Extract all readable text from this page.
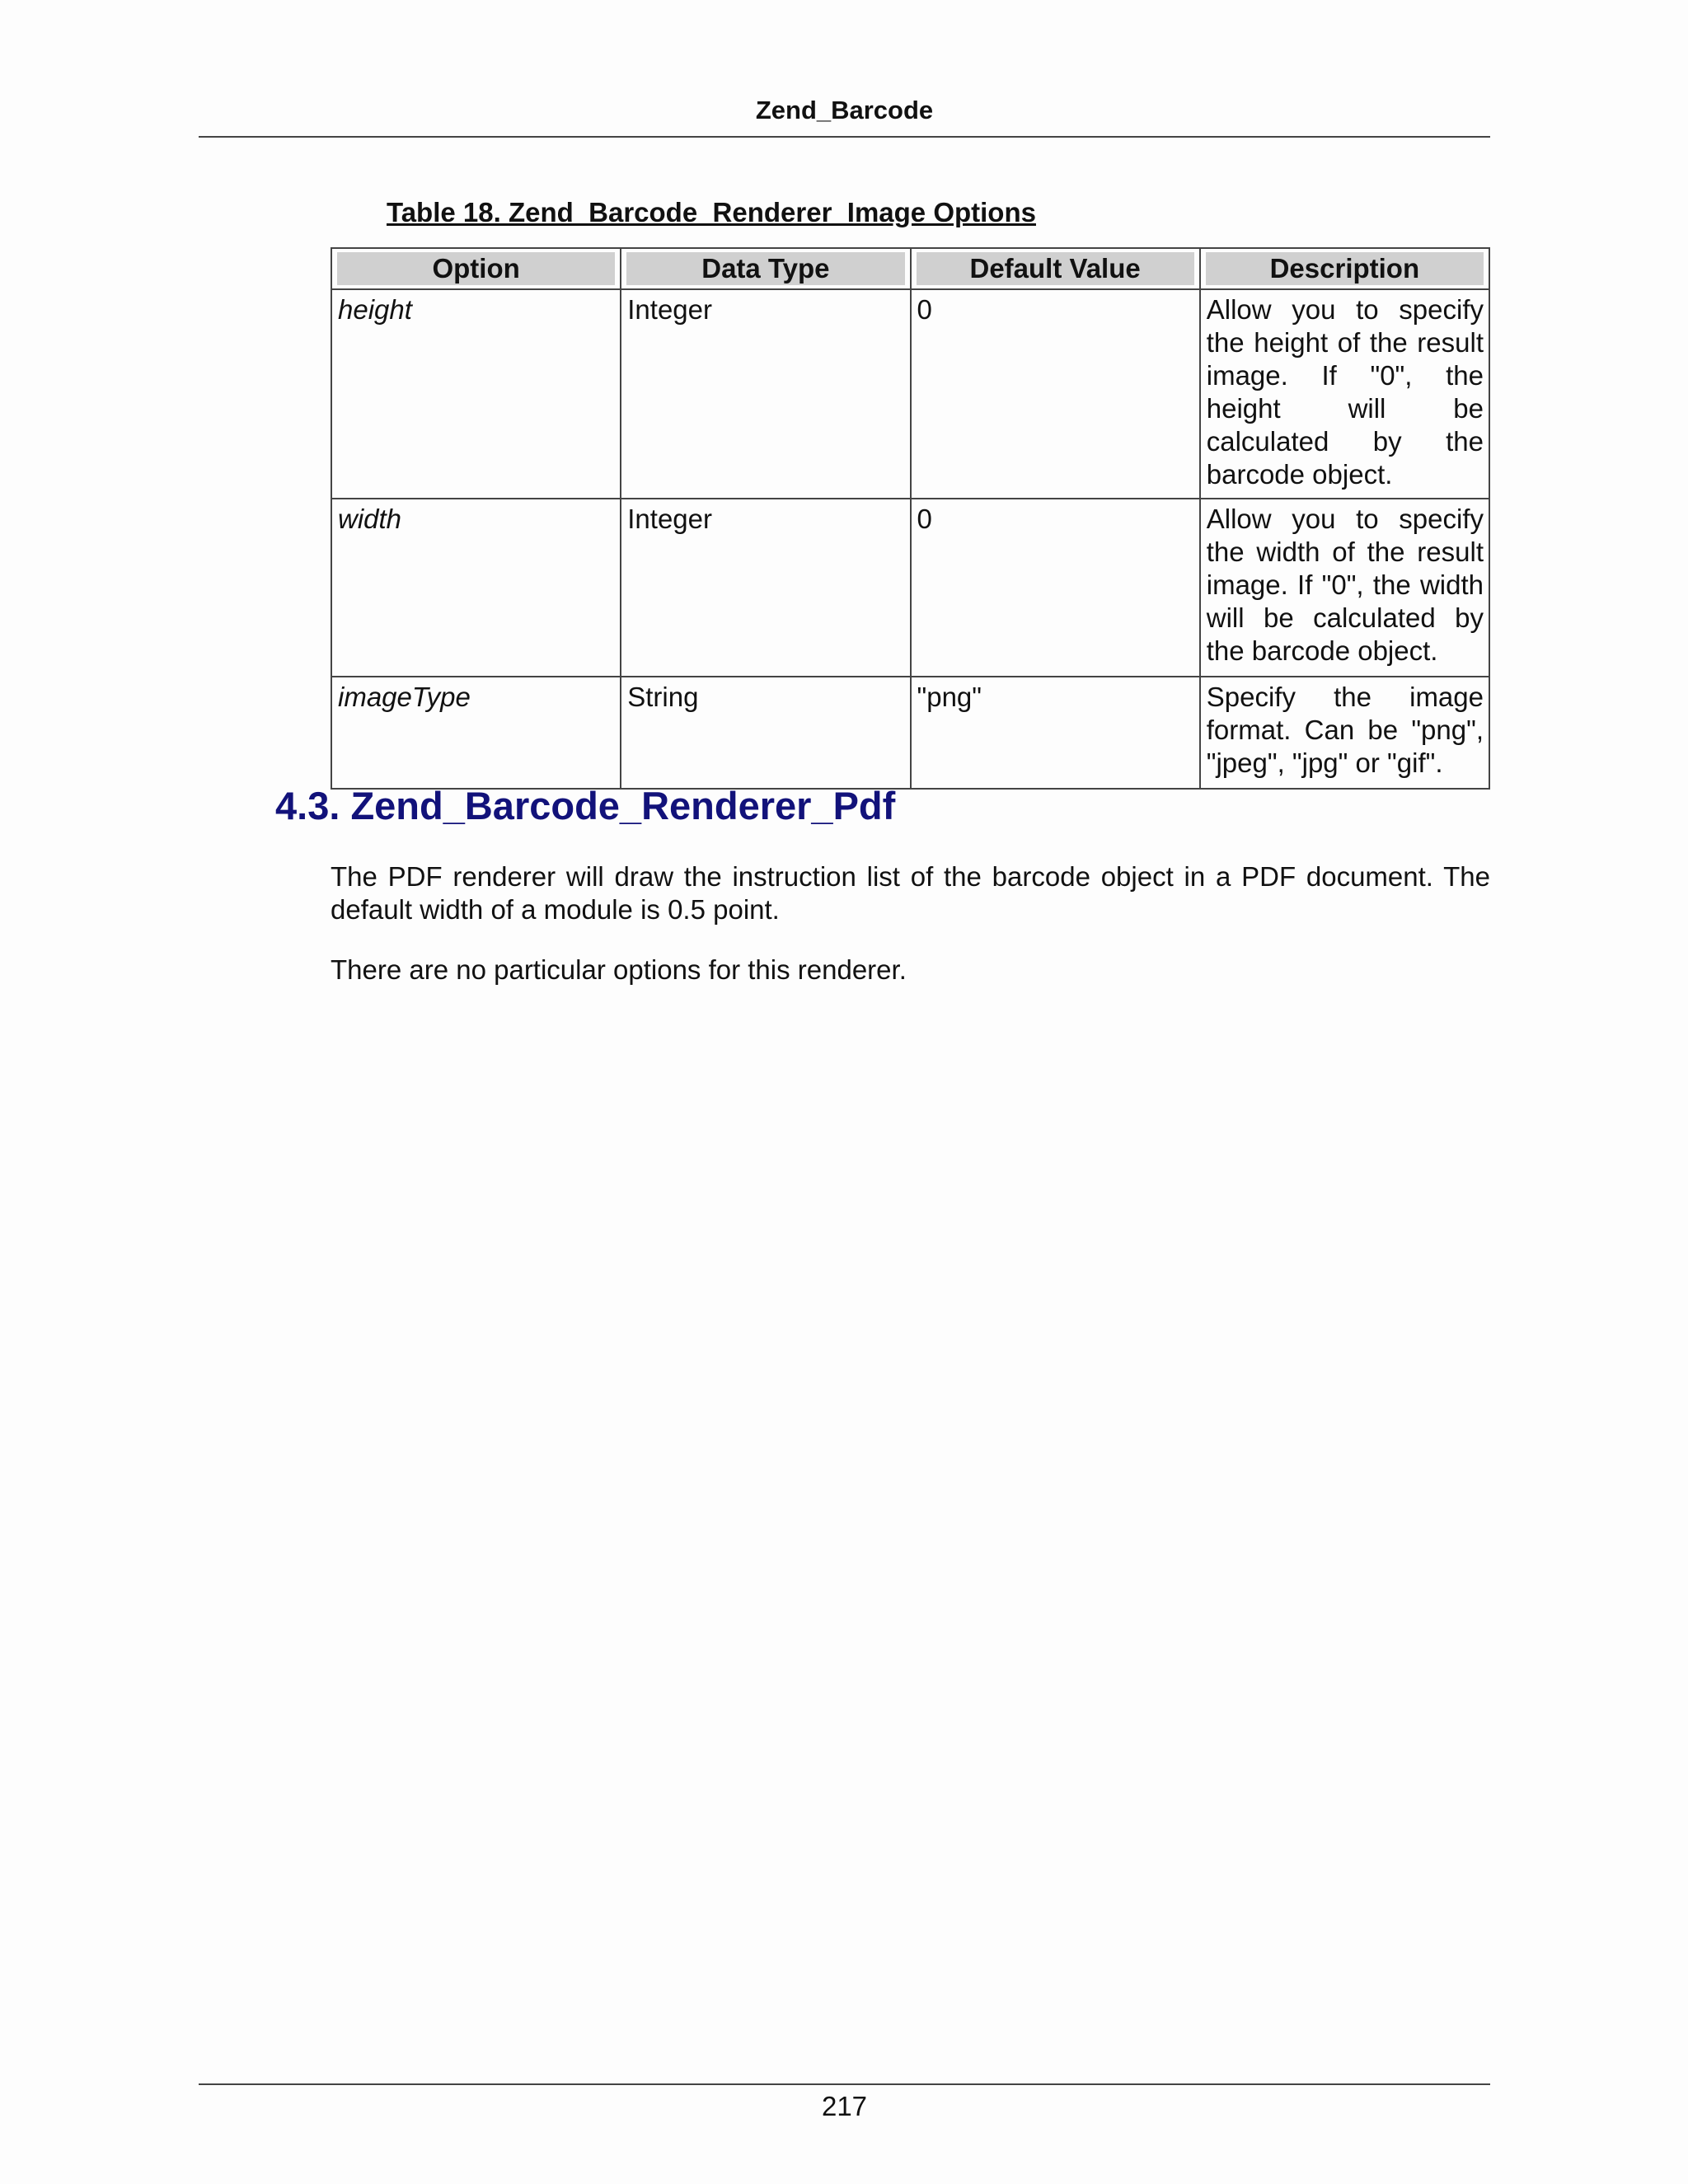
Zend_Barcode
Table 18. Zend_Barcode_Renderer_Image Options
Option	Data Type	Default Value	Description

height	Integer	0	Allow you to specify the height of the result image. If "0", the height will be calculated by the barcode object.
width	Integer	0	Allow you to specify the width of the result image. If "0", the width will be calculated by the barcode object.
imageType	String	"png"	Specify the image format. Can be "png", "jpeg", "jpg" or "gif".
4.3. Zend_Barcode_Renderer_Pdf

The PDF renderer will draw the instruction list of the barcode object in a PDF document. The default width of a module is 0.5 point.

There are no particular options for this renderer.

217
